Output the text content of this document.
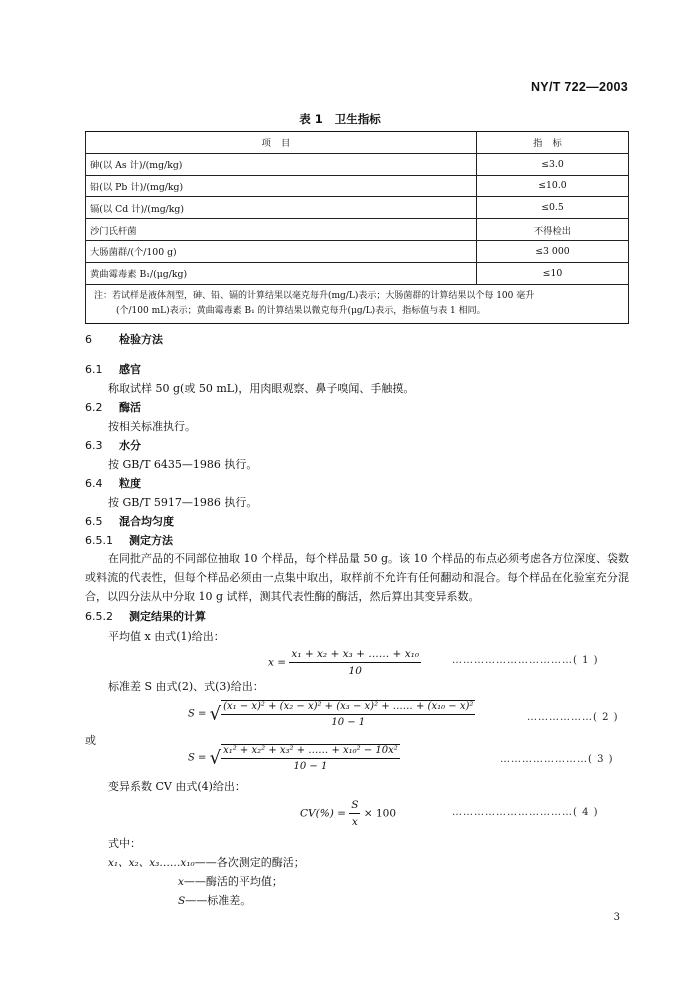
NY/T 722—2003
表 1 卫生指标
项目	指标
砷(以 As 计)/(mg/kg)	≤3.0
铅(以 Pb 计)/(mg/kg)	≤10.0
镉(以 Cd 计)/(mg/kg)	≤0.5
沙门氏杆菌	不得检出
大肠菌群/(个/100 g)	≤3 000
黄曲霉毒素 B₁/(μg/kg)	≤10

注：若试样是液体剂型，砷、铅、镉的计算结果以毫克每升(mg/L)表示；大肠菌群的计算结果以个每 100 毫升
(个/100 mL)表示；黄曲霉毒素 B₁ 的计算结果以微克每升(μg/L)表示，指标值与表 1 相同。	
6 检验方法
6.1 感官
称取试样 50 g(或 50 mL)，用肉眼观察、鼻子嗅闻、手触摸。
6.2 酶活
按相关标准执行。
6.3 水分
按 GB/T 6435—1986 执行。
6.4 粒度
按 GB/T 5917—1986 执行。
6.5 混合均匀度
6.5.1 测定方法
在同批产品的不同部位抽取 10 个样品，每个样品量 50 g。该 10 个样品的布点必须考虑各方位深度、袋数或料流的代表性，但每个样品必须由一点集中取出，取样前不允许有任何翻动和混合。每个样品在化验室充分混合，以四分法从中分取 10 g 试样，测其代表性酶的酶活，然后算出其变异系数。
6.5.2 测定结果的计算
平均值 x 由式(1)给出：
$x = \frac{\text{x₁ + x₂ + x₃ + …… + x₁₀}}{10}$	……………………………( 1 )
标准差 S 由式(2)、式(3)给出：
S = √ $\frac{\text{(x₁ − x)² + (x₂ − x)² + (x₃ − x)² + …… + (x₁₀ − x)²}}{10 - 1}$	………………( 2 )
或
S = √ $\frac{\text{x₁² + x₂² + x₃² + …… + x₁₀² − 10x²}}{10 - 1}$	……………………( 3 )
变异系数 CV 由式(4)给出：
$CV(\%) = \frac{S}{x} \times 100$	……………………………( 4 )
式中：
x₁、x₂、x₃……x₁₀——各次测定的酶活；
x——酶活的平均值；
S——标准差。
3
